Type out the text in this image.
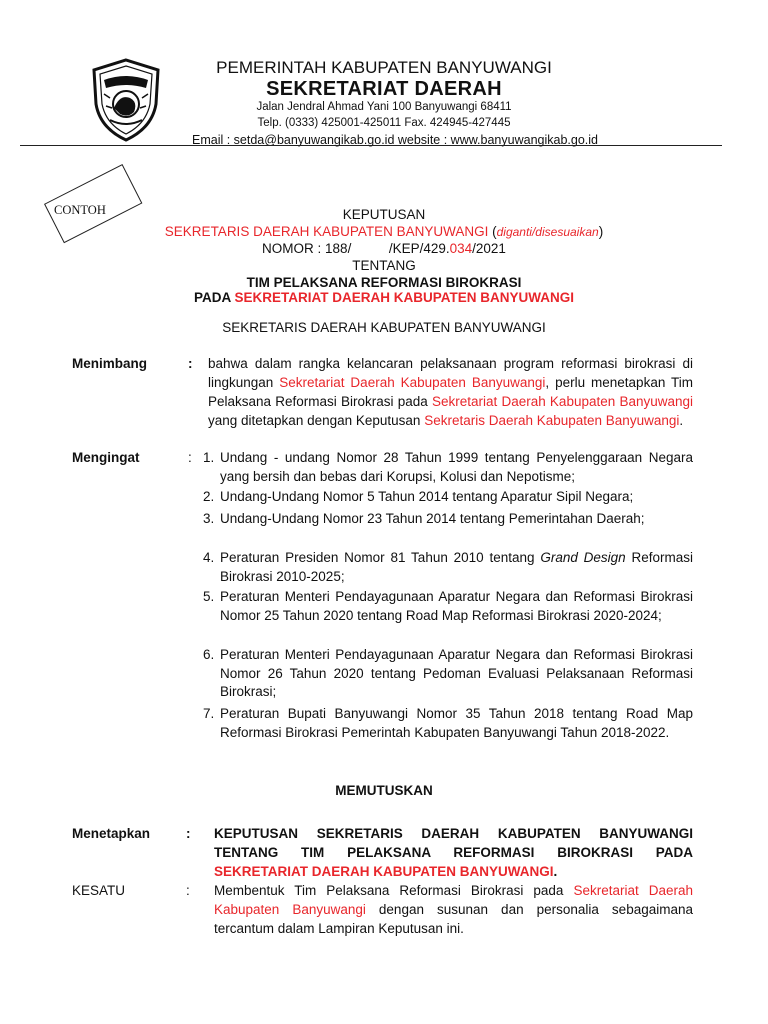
PEMERINTAH KABUPATEN BANYUWANGI
SEKRETARIAT DAERAH
Jalan Jendral Ahmad Yani 100 Banyuwangi 68411
Telp. (0333) 425001-425011 Fax. 424945-427445
Email : setda@banyuwangikab.go.id website : www.banyuwangikab.go.id
CONTOH	KEPUTUSAN
SEKRETARIS DAERAH KABUPATEN BANYUWANGI (diganti/disesuaikan)
NOMOR : 188/          /KEP/429.034/2021
TENTANG
TIM PELAKSANA REFORMASI BIROKRASI
PADA SEKRETARIAT DAERAH KABUPATEN BANYUWANGI
SEKRETARIS DAERAH KABUPATEN BANYUWANGI
Menimbang	: bahwa dalam rangka kelancaran pelaksanaan program reformasi birokrasi di lingkungan Sekretariat Daerah Kabupaten Banyuwangi, perlu menetapkan Tim Pelaksana Reformasi Birokrasi pada Sekretariat Daerah Kabupaten Banyuwangi yang ditetapkan dengan Keputusan Sekretaris Daerah Kabupaten Banyuwangi.
Mengingat	: 1. Undang - undang Nomor 28 Tahun 1999 tentang Penyelenggaraan Negara yang bersih dan bebas dari Korupsi, Kolusi dan Nepotisme;
2. Undang-Undang Nomor 5 Tahun 2014 tentang Aparatur Sipil Negara;
3. Undang-Undang Nomor 23 Tahun 2014 tentang Pemerintahan Daerah;
4. Peraturan Presiden Nomor 81 Tahun 2010 tentang Grand Design Reformasi Birokrasi 2010-2025;
5. Peraturan Menteri Pendayagunaan Aparatur Negara dan Reformasi Birokrasi Nomor 25 Tahun 2020 tentang Road Map Reformasi Birokrasi 2020-2024;
6. Peraturan Menteri Pendayagunaan Aparatur Negara dan Reformasi Birokrasi Nomor 26 Tahun 2020 tentang Pedoman Evaluasi Pelaksanaan Reformasi Birokrasi;
7. Peraturan Bupati Banyuwangi Nomor 35 Tahun 2018 tentang Road Map Reformasi Birokrasi Pemerintah Kabupaten Banyuwangi Tahun 2018-2022.
MEMUTUSKAN
Menetapkan	: KEPUTUSAN SEKRETARIS DAERAH KABUPATEN BANYUWANGI TENTANG TIM PELAKSANA REFORMASI BIROKRASI PADA SEKRETARIAT DAERAH KABUPATEN BANYUWANGI.
KESATU	: Membentuk Tim Pelaksana Reformasi Birokrasi pada Sekretariat Daerah Kabupaten Banyuwangi dengan susunan dan personalia sebagaimana tercantum dalam Lampiran Keputusan ini.
